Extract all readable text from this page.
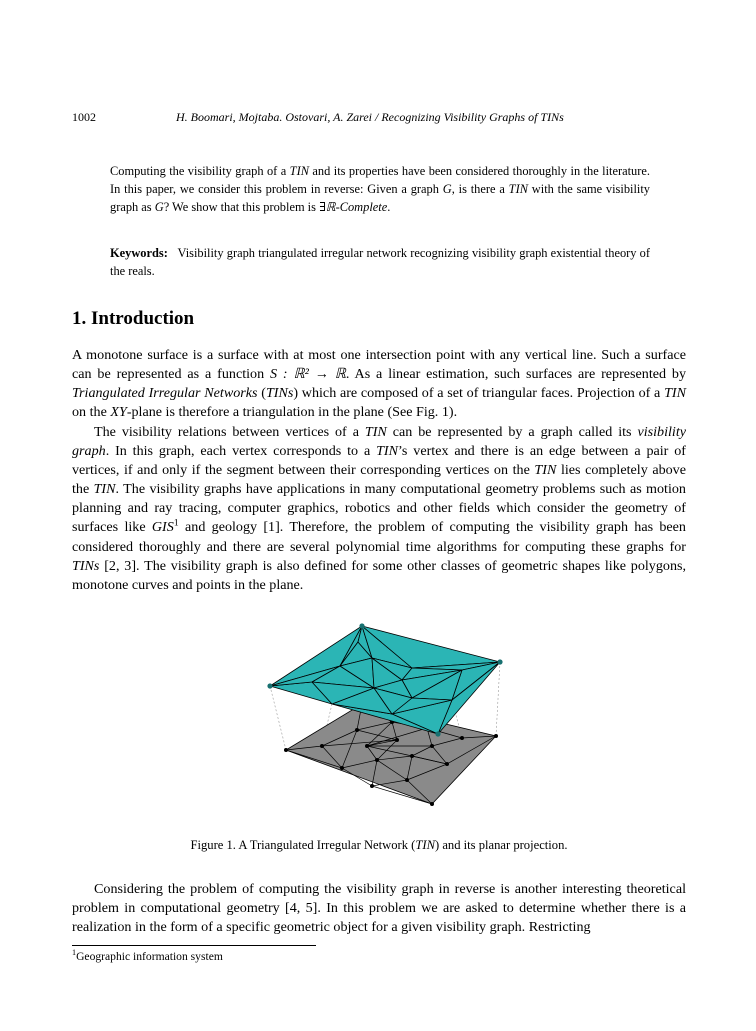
1002	H. Boomari, Mojtaba. Ostovari, A. Zarei / Recognizing Visibility Graphs of TINs
Computing the visibility graph of a TIN and its properties have been considered thoroughly in the literature. In this paper, we consider this problem in reverse: Given a graph G, is there a TIN with the same visibility graph as G? We show that this problem is ∃ℝ-Complete.
Keywords: Visibility graph triangulated irregular network recognizing visibility graph existential theory of the reals.
1. Introduction
A monotone surface is a surface with at most one intersection point with any vertical line. Such a surface can be represented as a function S : ℝ² → ℝ. As a linear estimation, such surfaces are represented by Triangulated Irregular Networks (TINs) which are composed of a set of triangular faces. Projection of a TIN on the XY-plane is therefore a triangulation in the plane (See Fig. 1).
The visibility relations between vertices of a TIN can be represented by a graph called its visibility graph. In this graph, each vertex corresponds to a TIN’s vertex and there is an edge between a pair of vertices, if and only if the segment between their corresponding vertices on the TIN lies completely above the TIN. The visibility graphs have applications in many computational geometry problems such as motion planning and ray tracing, computer graphics, robotics and other fields which consider the geometry of surfaces like GIS$^1$ and geology [1]. Therefore, the problem of computing the visibility graph has been considered thoroughly and there are several polynomial time algorithms for computing these graphs for TINs [2, 3]. The visibility graph is also defined for some other classes of geometric shapes like polygons, monotone curves and points in the plane.
Figure 1. A Triangulated Irregular Network (TIN) and its planar projection.
Considering the problem of computing the visibility graph in reverse is another interesting theoretical problem in computational geometry [4, 5]. In this problem we are asked to determine whether there is a realization in the form of a specific geometric object for a given visibility graph. Restricting
$^1$Geographic information system
